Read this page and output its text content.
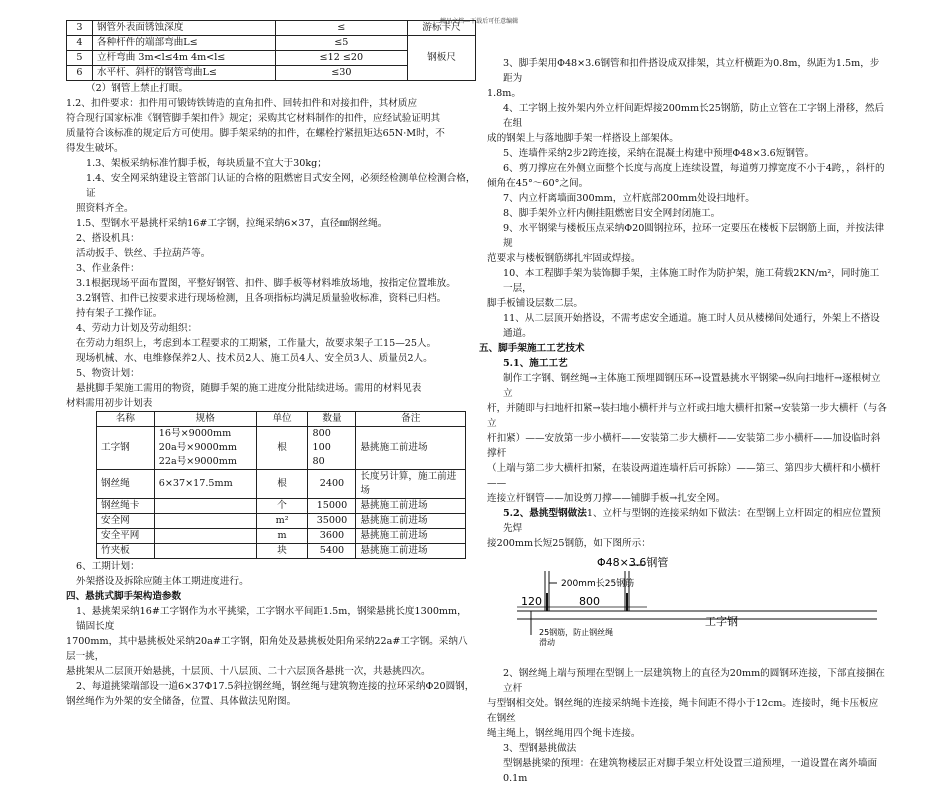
精品文档---下载后可任意编辑
3	钢管外表面锈蚀深度	≤	游标卡尺
4	各种杆件的端部弯曲L≤	≤5	钢板尺
5	立杆弯曲 3m<l≤4m 4m<l≤	≤12 ≤20	
6	水平杆、斜杆的钢管弯曲L≤	≤30	

（2）钢管上禁止打眼。

1.2、扣件要求：扣件用可锻铸铁铸造的直角扣件、回转扣件和对接扣件，其材质应

符合现行国家标准《钢管脚手架扣件》规定；采购其它材料制作的扣件，应经试验证明其

质量符合该标准的规定后方可使用。脚手架采纳的扣件，在螺栓拧紧扭矩达65N·M时，不

得发生破坏。

1.3、架板采纳标准竹脚手板，每块质量不宜大于30kg；

1.4、安全网采纳建设主管部门认证的合格的阻燃密目式安全网，必须经检测单位检测合格，证

照资料齐全。

1.5、型钢水平悬挑杆采纳16#工字钢，拉绳采纳6×37，直径㎜钢丝绳。

2、搭设机具：

活动扳手、铁丝、手拉葫芦等。

3、作业条件：

3.1根据现场平面布置图，平整好钢管、扣件、脚手板等材料堆放场地，按指定位置堆放。

3.2钢管、扣件已按要求进行现场检测，且各项指标均满足质量验收标准，资料已归档。

持有架子工操作证。

4、劳动力计划及劳动组织：

在劳动力组织上，考虑到本工程要求的工期紧，工作量大，故要求架子工15—25人。

现场机械、水、电维修保养2人、技术员2人、施工员4人、安全员3人、质量员2人。

5、物资计划：

悬挑脚手架施工需用的物资，随脚手架的施工进度分批陆续进场。需用的材料见表

材料需用初步计划表

名称	规格	单位	数量	备注
工字钢	16号×9000mm
20a号×9000mm
22a号×9000mm	根	800
100
80	悬挑施工前进场
钢丝绳	6×37×17.5mm	根	2400	长度另计算，施工前进场
钢丝绳卡		个	15000	悬挑施工前进场
安全网		m²	35000	悬挑施工前进场
安全平网		m	3600	悬挑施工前进场
竹夹板		块	5400	悬挑施工前进场

6、工期计划：

外架搭设及拆除应随主体工期进度进行。

四、悬挑式脚手架构造参数

1、悬挑架采纳16#工字钢作为水平挑梁，工字钢水平间距1.5m，钢梁悬挑长度1300mm，锚固长度

1700mm，其中悬挑板处采纳20a#工字钢，阳角处及悬挑板处阳角采纳22a#工字钢。采纳八层一挑，

悬挑架从二层顶开始悬挑，十层顶、十八层顶、二十六层顶各悬挑一次，共悬挑四次。

2、每道挑梁端部设一道6×37Φ17.5斜拉钢丝绳，钢丝绳与建筑物连接的拉环采纳Φ20圆钢，

钢丝绳作为外架的安全储备，位置、具体做法见附图。

3、脚手架用Φ48×3.6钢管和扣件搭设成双排架，其立杆横距为0.8m，纵距为1.5m，步距为

1.8m。

4、工字钢上按外架内外立杆间距焊接200mm长25钢筋，防止立管在工字钢上滑移，然后在组

成的钢架上与落地脚手架一样搭设上部架体。

5、连墙件采纳2步2跨连接，采纳在混凝土构建中预埋Φ48×3.6短钢管。

6、剪刀撑应在外侧立面整个长度与高度上连续设置，每道剪刀撑宽度不小于4跨，，斜杆的

倾角在45°～60°之间。

7、内立杆离墙面300mm，立杆底部200mm处设扫地杆。

8、脚手架外立杆内侧挂阻燃密目安全网封闭施工。

9、水平钢梁与楼板压点采纳Φ20圆钢拉环，拉环一定要压在楼板下层钢筋上面，并按法律规

范要求与楼板钢筋绑扎牢固或焊接。

10、本工程脚手架为装饰脚手架，主体施工时作为防护架，施工荷载2KN/m²，同时施工一层，

脚手板铺设层数二层。

11、从二层顶开始搭设，不需考虑安全通道。施工时人员从楼梯间处通行，外架上不搭设通道。

五、脚手架施工工艺技术

5.1、施工工艺

制作工字钢、钢丝绳→主体施工预埋圆钢压环→设置悬挑水平钢梁→纵向扫地杆→逐根树立立

杆，并随即与扫地杆扣紧→装扫地小横杆并与立杆或扫地大横杆扣紧→安装第一步大横杆（与各立

杆扣紧）——安放第一步小横杆——安装第二步大横杆——安装第二步小横杆——加设临时斜撑杆

（上端与第二步大横杆扣紧，在装设两道连墙杆后可拆除）——第三、第四步大横杆和小横杆——

连接立杆钢管——加设剪刀撑——铺脚手板→扎安全网。

5.2、悬挑型钢做法1、立杆与型钢的连接采纳如下做法：在型钢上立杆固定的相应位置预先焊

接200mm长短25钢筋，如下图所示：

Φ48×3.6钢管
200mm长25钢筋
120	800
工字钢
25钢筋，防止钢丝绳
滑动

2、钢丝绳上端与预埋在型钢上一层建筑物上的直径为20mm的圆钢环连接，下部直接捆在立杆

与型钢相交处。钢丝绳的连接采纳绳卡连接，绳卡间距不得小于12cm。连接时，绳卡压板应在钢丝

绳主绳上，钢丝绳用四个绳卡连接。

3、型钢悬挑做法

型钢悬挑梁的预埋：在建筑物楼层正对脚手架立杆处设置三道预埋，一道设置在离外墙面0.1m
